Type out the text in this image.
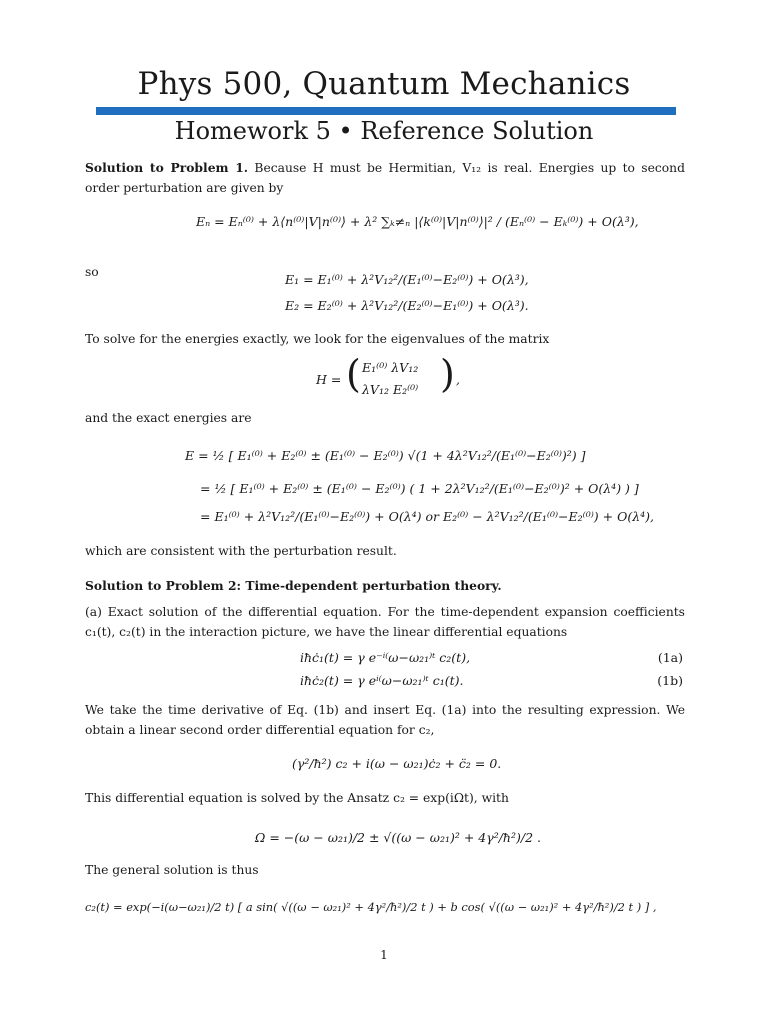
Phys 500, Quantum Mechanics
Homework 5 • Reference Solution
Solution to Problem 1. Because H must be Hermitian, V₁₂ is real. Energies up to second order perturbation are given by
Eₙ = Eₙ⁽⁰⁾ + λ⟨n⁽⁰⁾|V|n⁽⁰⁾⟩ + λ² ∑ₖ≠ₙ |⟨k⁽⁰⁾|V|n⁽⁰⁾⟩|² / (Eₙ⁽⁰⁾ − Eₖ⁽⁰⁾) + O(λ³),
so	E₁ = E₁⁽⁰⁾ + λ²V₁₂²/(E₁⁽⁰⁾−E₂⁽⁰⁾) + O(λ³),
E₂ = E₂⁽⁰⁾ + λ²V₁₂²/(E₂⁽⁰⁾−E₁⁽⁰⁾) + O(λ³).
To solve for the energies exactly, we look for the eigenvalues of the matrix
H = ( E₁⁽⁰⁾ λV₁₂
λV₁₂ E₂⁽⁰⁾ ) ,
and the exact energies are
E = ½ [ E₁⁽⁰⁾ + E₂⁽⁰⁾ ± (E₁⁽⁰⁾ − E₂⁽⁰⁾) √(1 + 4λ²V₁₂²/(E₁⁽⁰⁾−E₂⁽⁰⁾)²) ]
= ½ [ E₁⁽⁰⁾ + E₂⁽⁰⁾ ± (E₁⁽⁰⁾ − E₂⁽⁰⁾) ( 1 + 2λ²V₁₂²/(E₁⁽⁰⁾−E₂⁽⁰⁾)² + O(λ⁴) ) ]
= E₁⁽⁰⁾ + λ²V₁₂²/(E₁⁽⁰⁾−E₂⁽⁰⁾) + O(λ⁴) or E₂⁽⁰⁾ − λ²V₁₂²/(E₁⁽⁰⁾−E₂⁽⁰⁾) + O(λ⁴),
which are consistent with the perturbation result.
Solution to Problem 2: Time-dependent perturbation theory.
(a) Exact solution of the differential equation. For the time-dependent expansion coefficients c₁(t), c₂(t) in the interaction picture, we have the linear differential equations
iħċ₁(t) = γ e⁻ⁱ⁽ω−ω₂₁⁾ᵗ c₂(t),	(1a)
iħċ₂(t) = γ eⁱ⁽ω−ω₂₁⁾ᵗ c₁(t).	(1b)
We take the time derivative of Eq. (1b) and insert Eq. (1a) into the resulting expression. We obtain a linear second order differential equation for c₂,
(γ²/ħ²) c₂ + i(ω − ω₂₁)ċ₂ + c̈₂ = 0.
This differential equation is solved by the Ansatz c₂ = exp(iΩt), with
Ω = −(ω − ω₂₁)/2 ± √((ω − ω₂₁)² + 4γ²/ħ²)/2 .
The general solution is thus
c₂(t) = exp(−i(ω−ω₂₁)/2 t) [ a sin( √((ω − ω₂₁)² + 4γ²/ħ²)/2 t ) + b cos( √((ω − ω₂₁)² + 4γ²/ħ²)/2 t ) ] ,
1
